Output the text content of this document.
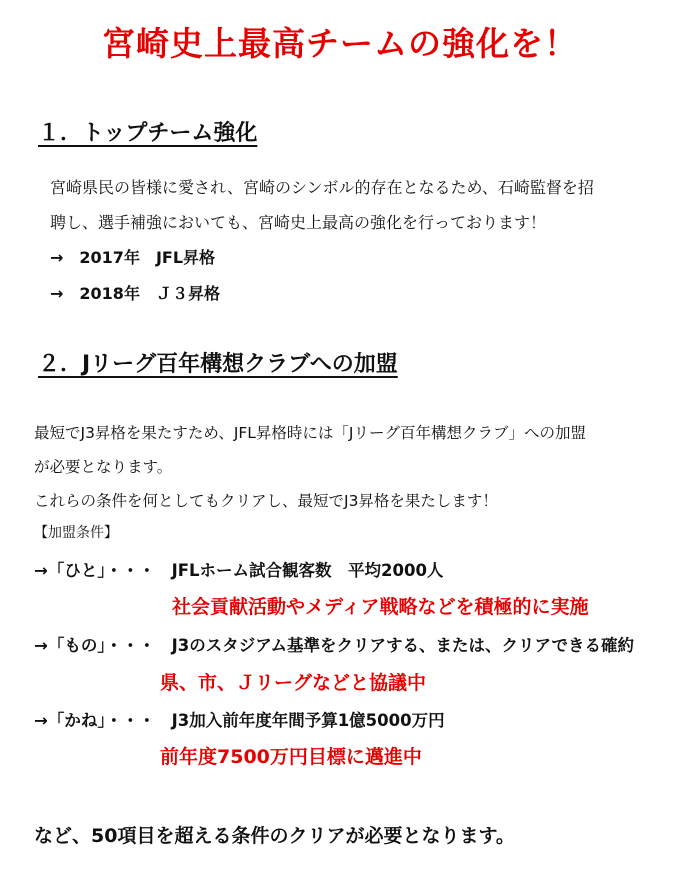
宮崎史上最高チームの強化を！
１．トップチーム強化
宮崎県民の皆様に愛され、宮崎のシンボル的存在となるため、石崎監督を招
聘し、選手補強においても、宮崎史上最高の強化を行っております！
→　2017年　JFL昇格
→　2018年　Ｊ３昇格
２．Jリーグ百年構想クラブへの加盟
最短でJ3昇格を果たすため、JFL昇格時には「Jリーグ百年構想クラブ」への加盟
が必要となります。
これらの条件を何としてもクリアし、最短でJ3昇格を果たします！
【加盟条件】
→「ひと」・・・　JFLホーム試合観客数　平均2000人
社会貢献活動やメディア戦略などを積極的に実施
→「もの」・・・　J3のスタジアム基準をクリアする、または、クリアできる確約
県、市、Ｊリーグなどと協議中
→「かね」・・・　J3加入前年度年間予算1億5000万円
前年度7500万円目標に邁進中
など、50項目を超える条件のクリアが必要となります。
